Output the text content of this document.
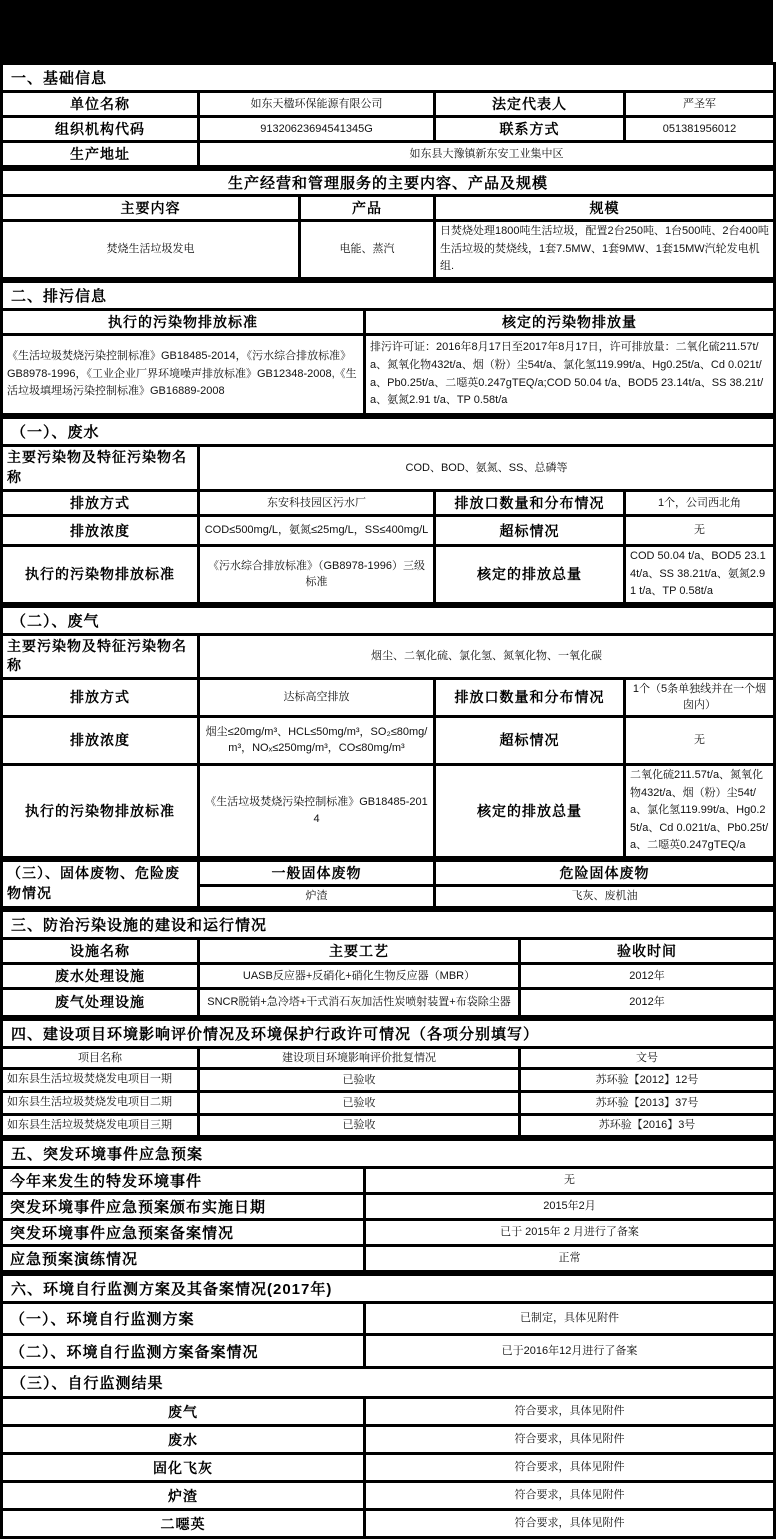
一、基础信息			
单位名称	如东天楹环保能源有限公司	法定代表人	严圣军
组织机构代码	91320623694541345G	联系方式	051381956012
生产地址	如东县大豫镇新东安工业集中区		
生产经营和管理服务的主要内容、产品及规模		
主要内容	产品	规模
焚烧生活垃圾发电	电能、蒸汽	日焚烧处理1800吨生活垃圾，配置2台250吨、1台500吨、2台400吨生活垃圾的焚烧线，1套7.5MW、1套9MW、1套15MW汽轮发电机组.
二、排污信息	
执行的污染物排放标准	核定的污染物排放量
《生活垃圾焚烧污染控制标准》GB18485-2014，《污水综合排放标准》GB8978-1996，《工业企业厂界环境噪声排放标准》GB12348-2008,《生活垃圾填埋场污染控制标准》GB16889-2008	排污许可证：2016年8月17日至2017年8月17日，许可排放量：二氧化硫211.57t/a、氮氧化物432t/a、烟（粉）尘54t/a、氯化氢119.99t/a、Hg0.25t/a、Cd 0.021t/a、Pb0.25t/a、二噁英0.247gTEQ/a;COD 50.04 t/a、BOD5 23.14t/a、SS 38.21t/a、氨氮2.91 t/a、TP 0.58t/a
（一）、废水			
主要污染物及特征污染物名称	COD、BOD、氨氮、SS、总磷等		
排放方式	东安科技园区污水厂	排放口数量和分布情况	1个，公司西北角
排放浓度	COD≤500mg/L，氨氮≤25mg/L，SS≤400mg/L	超标情况	无
执行的污染物排放标准	《污水综合排放标准》（GB8978-1996）三级标准	核定的排放总量	COD 50.04 t/a、BOD5 23.14t/a、SS 38.21t/a、氨氮2.91 t/a、TP 0.58t/a
（二）、废气			
主要污染物及特征污染物名称	烟尘、二氧化硫、氯化氢、氮氧化物、一氧化碳		
排放方式	达标高空排放	排放口数量和分布情况	1个（5条单独线并在一个烟囱内）
排放浓度	烟尘≤20mg/m³、HCL≤50mg/m³，SO₂≤80mg/m³，NOₓ≤250mg/m³，CO≤80mg/m³	超标情况	无
执行的污染物排放标准	《生活垃圾焚烧污染控制标准》GB18485-2014	核定的排放总量	二氧化硫211.57t/a、氮氧化物432t/a、烟（粉）尘54t/a、氯化氢119.99t/a、Hg0.25t/a、Cd 0.021t/a、Pb0.25t/a、二噁英0.247gTEQ/a
（三）、固体废物、危险废物情况	一般固体废物	危险固体废物
	炉渣	飞灰、废机油
三、防治污染设施的建设和运行情况		
设施名称	主要工艺	验收时间
废水处理设施	UASB反应器+反硝化+硝化生物反应器（MBR）	2012年
废气处理设施	SNCR脱销+急冷塔+干式消石灰加活性炭喷射装置+布袋除尘器	2012年
四、建设项目环境影响评价情况及环境保护行政许可情况（各项分别填写）		
项目名称	建设项目环境影响评价批复情况	文号
如东县生活垃圾焚烧发电项目一期	已验收	苏环验【2012】12号
如东县生活垃圾焚烧发电项目二期	已验收	苏环验【2013】37号
如东县生活垃圾焚烧发电项目三期	已验收	苏环验【2016】3号
五、突发环境事件应急预案	
今年来发生的特发环境事件	无
突发环境事件应急预案颁布实施日期	2015年2月
突发环境事件应急预案备案情况	已于 2015年 2 月进行了备案
应急预案演练情况	正常
六、环境自行监测方案及其备案情况(2017年)	
（一）、环境自行监测方案	已制定，具体见附件
（二）、环境自行监测方案备案情况	已于2016年12月进行了备案
（三）、自行监测结果	
废气	符合要求，具体见附件
废水	符合要求，具体见附件
固化飞灰	符合要求，具体见附件
炉渣	符合要求，具体见附件
二噁英	符合要求，具体见附件
